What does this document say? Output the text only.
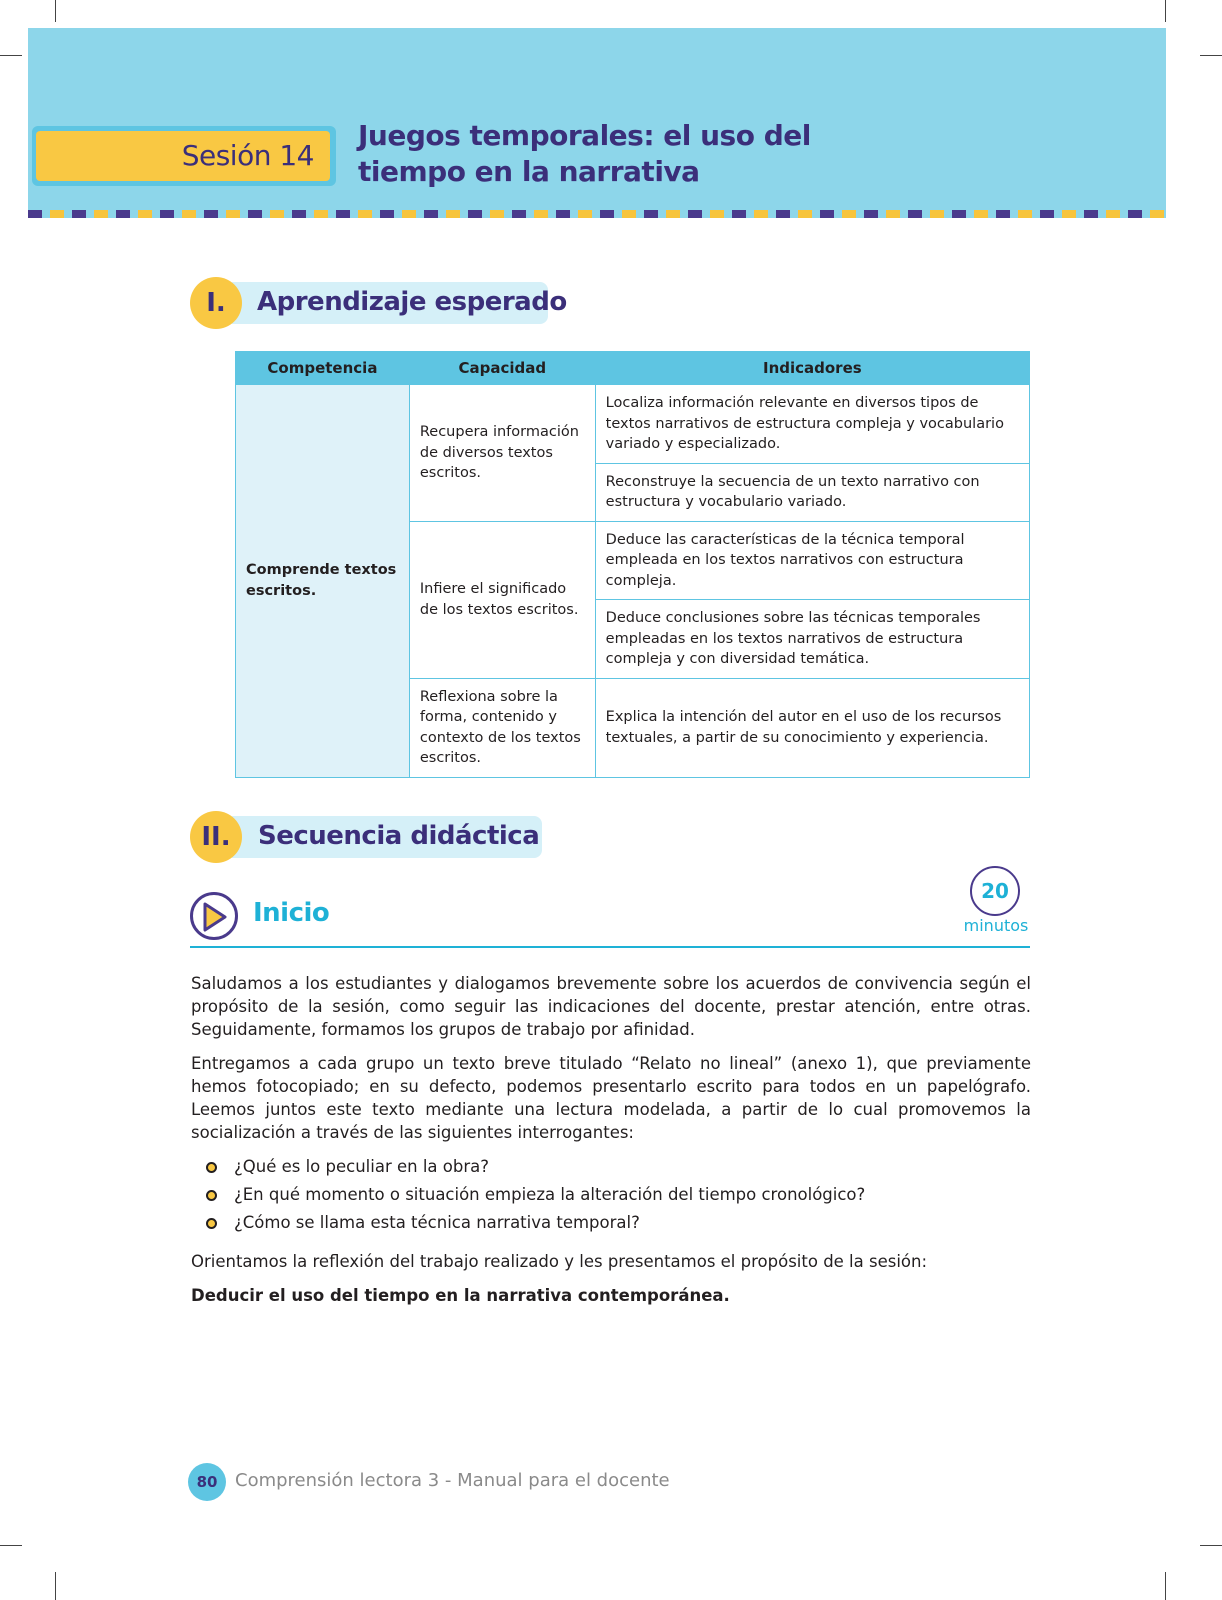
Sesión 14
Juegos temporales: el uso del
tiempo en la narrativa
I.	Aprendizaje esperado
Competencia	Capacidad	Indicadores
Comprende textos escritos.	Recupera información de diversos textos escritos.	Localiza información relevante en diversos tipos de textos narrativos de estructura compleja y vocabulario variado y especializado.
		Reconstruye la secuencia de un texto narrativo con estructura y vocabulario variado.
	Infiere el significado de los textos escritos.	Deduce las características de la técnica temporal empleada en los textos narrativos con estructura compleja.
		Deduce conclusiones sobre las técnicas temporales empleadas en los textos narrativos de estructura compleja y con diversidad temática.
	Reflexiona sobre la forma, contenido y contexto de los textos escritos.	Explica la intención del autor en el uso de los recursos textuales, a partir de su conocimiento y experiencia.
II.	Secuencia didáctica
Inicio
20
minutos

Saludamos a los estudiantes y dialogamos brevemente sobre los acuerdos de convivencia según el propósito de la sesión, como seguir las indicaciones del docente, prestar atención, entre otras. Seguidamente, formamos los grupos de trabajo por afinidad.

Entregamos a cada grupo un texto breve titulado “Relato no lineal” (anexo 1), que previamente hemos fotocopiado; en su defecto, podemos presentarlo escrito para todos en un papelógrafo. Leemos juntos este texto mediante una lectura modelada, a partir de lo cual promovemos la socialización a través de las siguientes interrogantes:

¿Qué es lo peculiar en la obra?
¿En qué momento o situación empieza la alteración del tiempo cronológico?
¿Cómo se llama esta técnica narrativa temporal?

Orientamos la reflexión del trabajo realizado y les presentamos el propósito de la sesión:

Deducir el uso del tiempo en la narrativa contemporánea.

80 Comprensión lectora 3 - Manual para el docente
